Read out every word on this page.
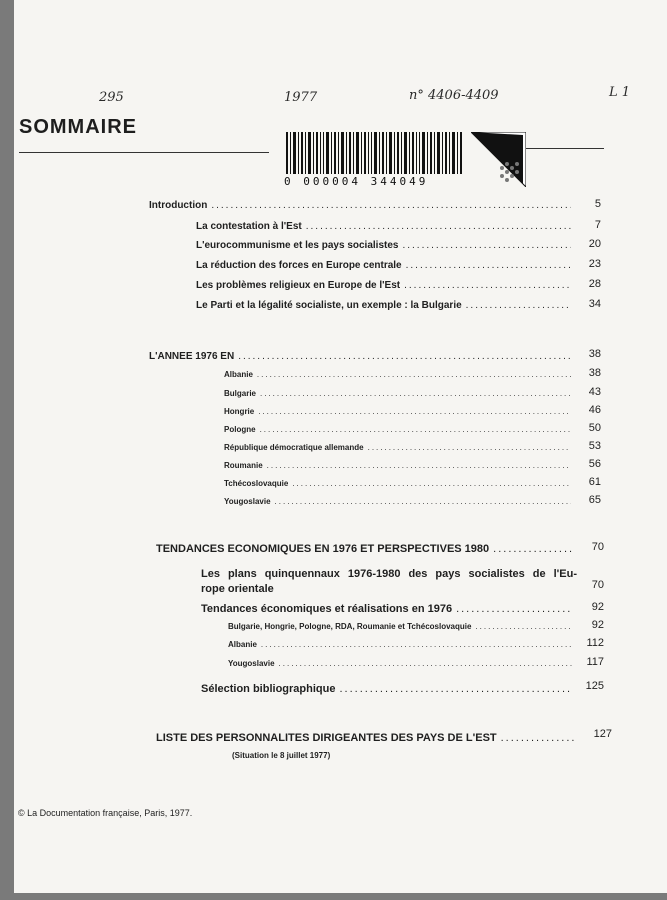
295	1977	n° 4406-4409	L 1
SOMMAIRE
0 000004 344049
Introduction .....	5
La contestation à l'Est .....	7
L'eurocommunisme et les pays socialistes .....	20
La réduction des forces en Europe centrale .....	23
Les problèmes religieux en Europe de l'Est .....	28
Le Parti et la légalité socialiste, un exemple : la Bulgarie .....	34
L'ANNEE 1976 EN .....	38
Albanie .....	38
Bulgarie .....	43
Hongrie .....	46
Pologne .....	50
République démocratique allemande .....	53
Roumanie .....	56
Tchécoslovaquie .....	61
Yougoslavie .....	65
TENDANCES ECONOMIQUES EN 1976 ET PERSPECTIVES 1980 .....	70
Les plans quinquennaux 1976-1980 des pays socialistes de l'Eu-
rope orientale	70
Tendances économiques et réalisations en 1976 .....	92
Bulgarie, Hongrie, Pologne, RDA, Roumanie et Tchécoslovaquie .....	92
Albanie .....	112
Yougoslavie .....	117
Sélection bibliographique .....	125
LISTE DES PERSONNALITES DIRIGEANTES DES PAYS DE L'EST .....	127
(Situation le 8 juillet 1977)
© La Documentation française, Paris, 1977.
